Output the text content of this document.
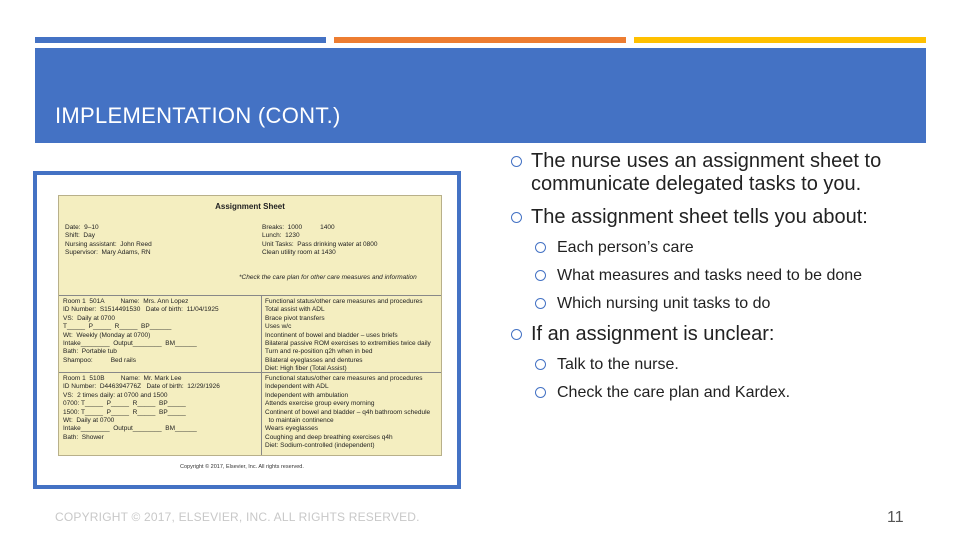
IMPLEMENTATION (CONT.)
Assignment Sheet
Date:  9–10
Shift:  Day
Nursing assistant:  John Reed
Supervisor:  Mary Adams, RN
Breaks:  1000          1400
Lunch:  1230
Unit Tasks:  Pass drinking water at 0800
Clean utility room at 1430
*Check the care plan for other care measures and information
Room 1  501A         Name:  Mrs. Ann Lopez
ID Number:  S1514491530   Date of birth:  11/04/1925
VS:  Daily at 0700
T_____  P_____  R_____  BP______
Wt:  Weekly (Monday at 0700)
Intake________  Output________  BM______
Bath:  Portable tub
Shampoo:          Bed rails
Functional status/other care measures and procedures
Total assist with ADL
Brace pivot transfers
Uses w/c
Incontinent of bowel and bladder – uses briefs
Bilateral passive ROM exercises to extremities twice daily
Turn and re-position q2h when in bed
Bilateral eyeglasses and dentures
Diet: High fiber (Total Assist)
Room 1  510B         Name:  Mr. Mark Lee
ID Number:  D446394776Z   Date of birth:  12/29/1926
VS:  2 times daily: at 0700 and 1500
0700: T_____  P_____  R_____  BP_____
1500: T_____  P_____  R_____  BP_____
Wt:  Daily at 0700
Intake________  Output________  BM______
Bath:  Shower
Functional status/other care measures and procedures
Independent with ADL
Independent with ambulation
Attends exercise group every morning
Continent of bowel and bladder – q4h bathroom schedule
to maintain continence
Wears eyeglasses
Coughing and deep breathing exercises q4h
Diet: Sodium-controlled (independent)
Copyright © 2017, Elsevier, Inc. All rights reserved.
The nurse uses an assignment sheet to communicate delegated tasks to you.
The assignment sheet tells you about:
Each person’s care
What measures and tasks need to be done
Which nursing unit tasks to do
If an assignment is unclear:
Talk to the nurse.
Check the care plan and Kardex.
COPYRIGHT © 2017, ELSEVIER, INC. ALL RIGHTS RESERVED.	11
